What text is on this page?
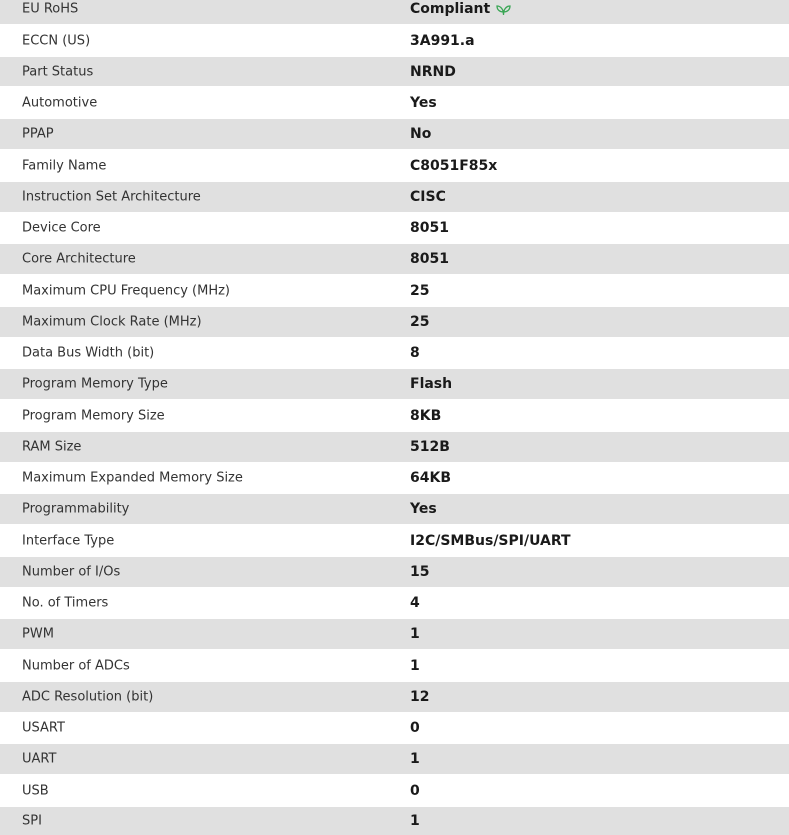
EU RoHS	Compliant
ECCN (US)	3A991.a
Part Status	NRND
Automotive	Yes
PPAP	No
Family Name	C8051F85x
Instruction Set Architecture	CISC
Device Core	8051
Core Architecture	8051
Maximum CPU Frequency (MHz)	25
Maximum Clock Rate (MHz)	25
Data Bus Width (bit)	8
Program Memory Type	Flash
Program Memory Size	8KB
RAM Size	512B
Maximum Expanded Memory Size	64KB
Programmability	Yes
Interface Type	I2C/SMBus/SPI/UART
Number of I/Os	15
No. of Timers	4
PWM	1
Number of ADCs	1
ADC Resolution (bit)	12
USART	0
UART	1
USB	0
SPI	1
